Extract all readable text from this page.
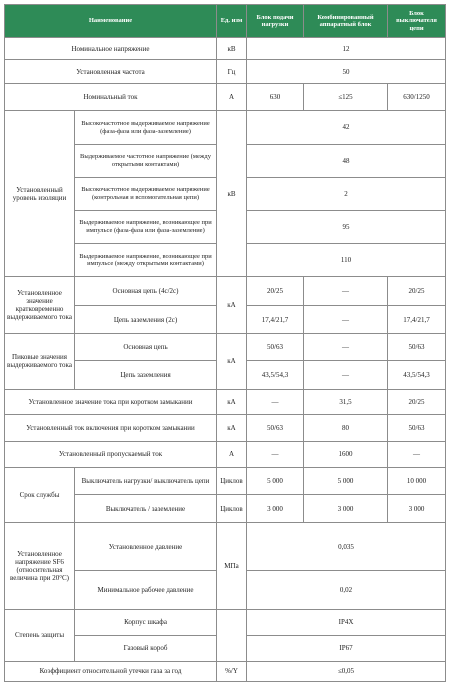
Наименование		Ед. изм	Блок подачи нагрузки	Комбинированный аппаратный блок	Блок выключателя цепи
Номинальное напряжение		кВ	12		
Установленная частота		Гц	50		
Номинальный ток		А	630	≤125	630/1250
Установленный уровень изоляции	Высокочастотное выдерживаемое напряжение (фаза-фаза или фаза-заземление)	кВ	42		
	Выдерживаемое частотное напряжение (между открытыми контактами)		48		
	Высокочастотное выдерживаемое напряжение (контрольная и вспомогательная цепи)		2		
	Выдерживаемое напряжение, возникающее при импульсе (фаза-фаза или фаза-заземление)		95		
	Выдерживаемое напряжение, возникающее при импульсе (между открытыми контактами)		110		
Установленное значение кратковременно выдерживаемого тока	Основная цепь (4с/2с)	кА	20/25	—	20/25
	Цепь заземления (2с)		17,4/21,7	—	17,4/21,7
Пиковые значения выдерживаемого тока	Основная цепь	кА	50/63	—	50/63
	Цепь заземления		43,5/54,3	—	43,5/54,3
Установленное значение тока при коротком замыкании		кА	—	31,5	20/25
Установленный ток включения при коротком замыкании		кА	50/63	80	50/63
Установленный пропускаемый ток		А	—	1600	—
Срок службы	Выключатель нагрузки/ выключатель цепи	Циклов	5 000	5 000	10 000
	Выключатель / заземление	Циклов	3 000	3 000	3 000
Установленное напряжение SF6 (относительная величина при 20°С)	Установленное давление	МПа	0,035		
	Минимальное рабочее давление		0,02		
Степень защиты	Корпус шкафа		IP4X		
	Газовый короб		IP67		
Коэффициент относительной утечки газа за год		%/Y	≤0,05		
